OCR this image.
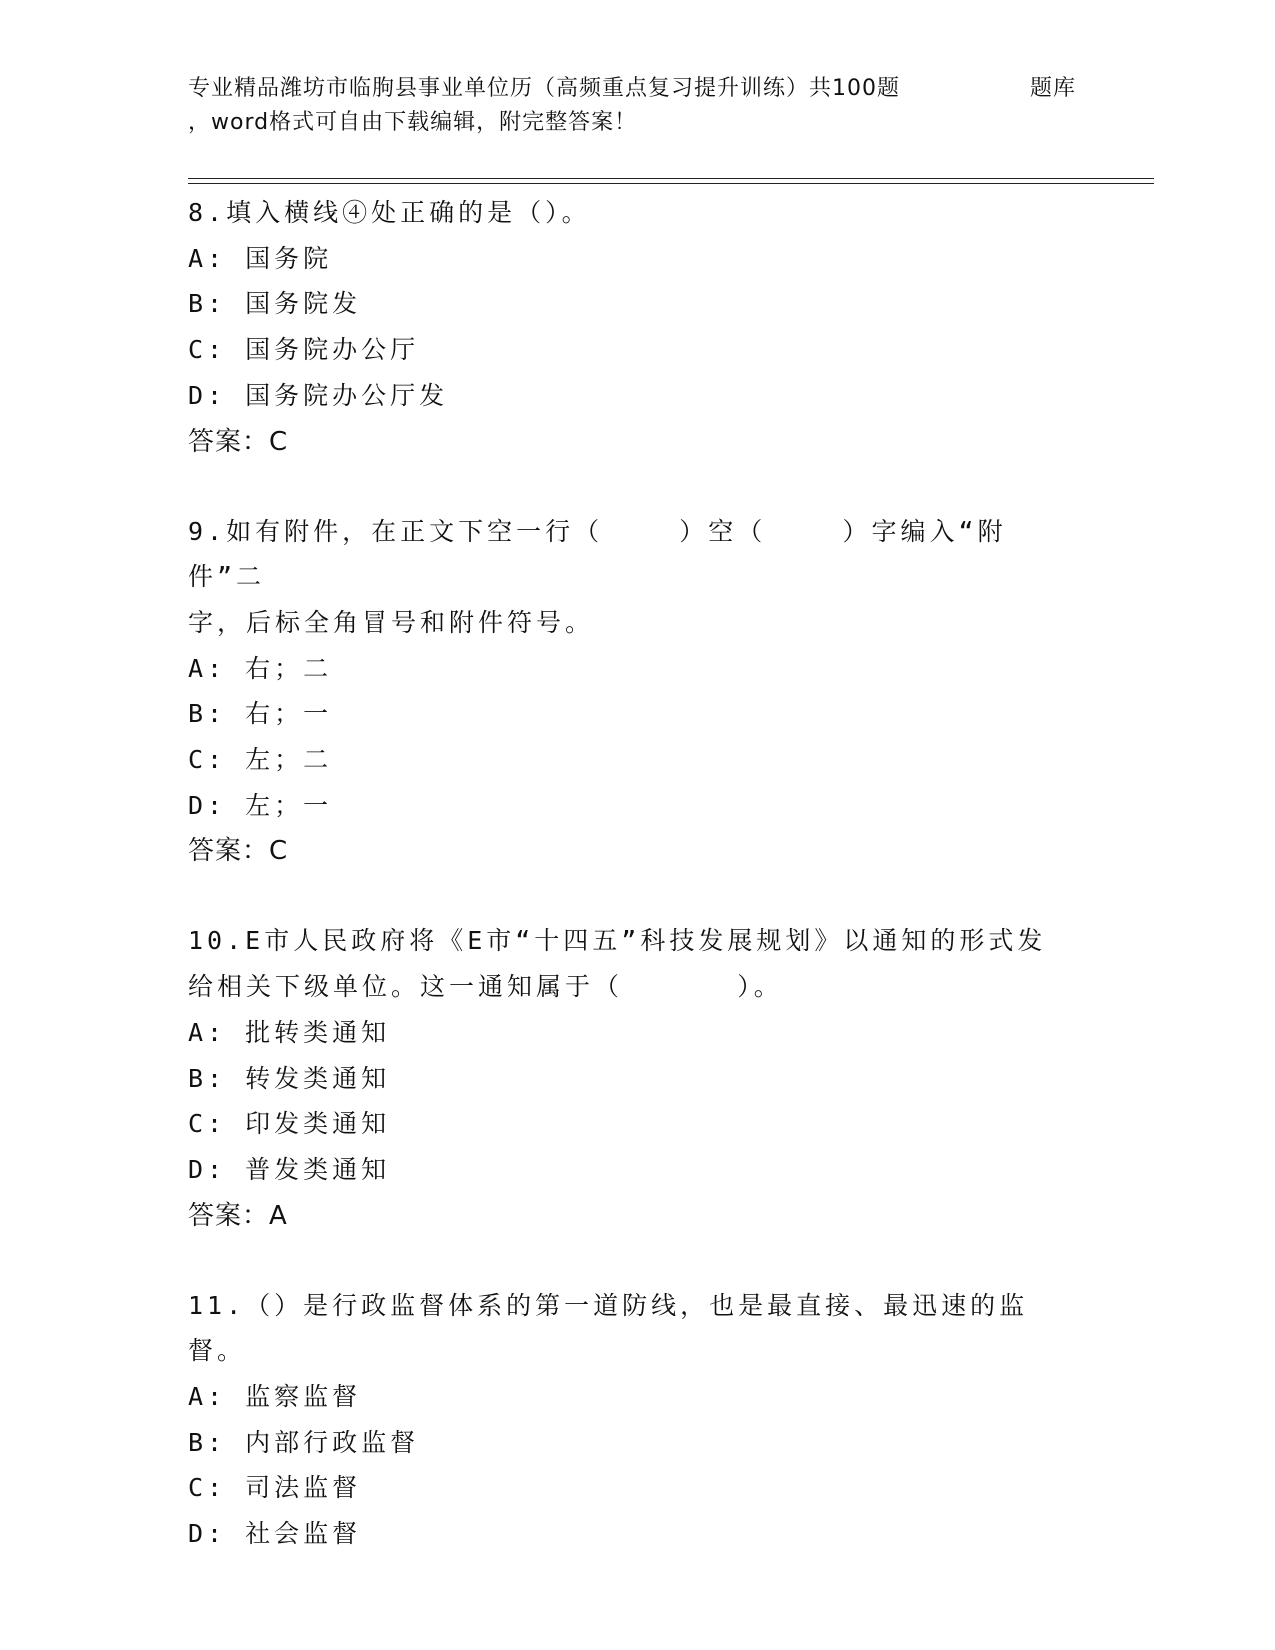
专业精品潍坊市临朐县事业单位历（高频重点复习提升训练）共100题	题库
，word格式可自由下载编辑，附完整答案！
8.填入横线④处正确的是（）。
A: 国务院
B: 国务院发
C: 国务院办公厅
D: 国务院办公厅发
答案：C
9.如有附件，在正文下空一行（    ）空（    ）字编入“附件”二
字，后标全角冒号和附件符号。
A: 右；二
B: 右；一
C: 左；二
D: 左；一
答案：C
10.E市人民政府将《E市“十四五”科技发展规划》以通知的形式发
给相关下级单位。这一通知属于（      ）。
A: 批转类通知
B: 转发类通知
C: 印发类通知
D: 普发类通知
答案：A
11.（）是行政监督体系的第一道防线，也是最直接、最迅速的监督。
A: 监察监督
B: 内部行政监督
C: 司法监督
D: 社会监督
